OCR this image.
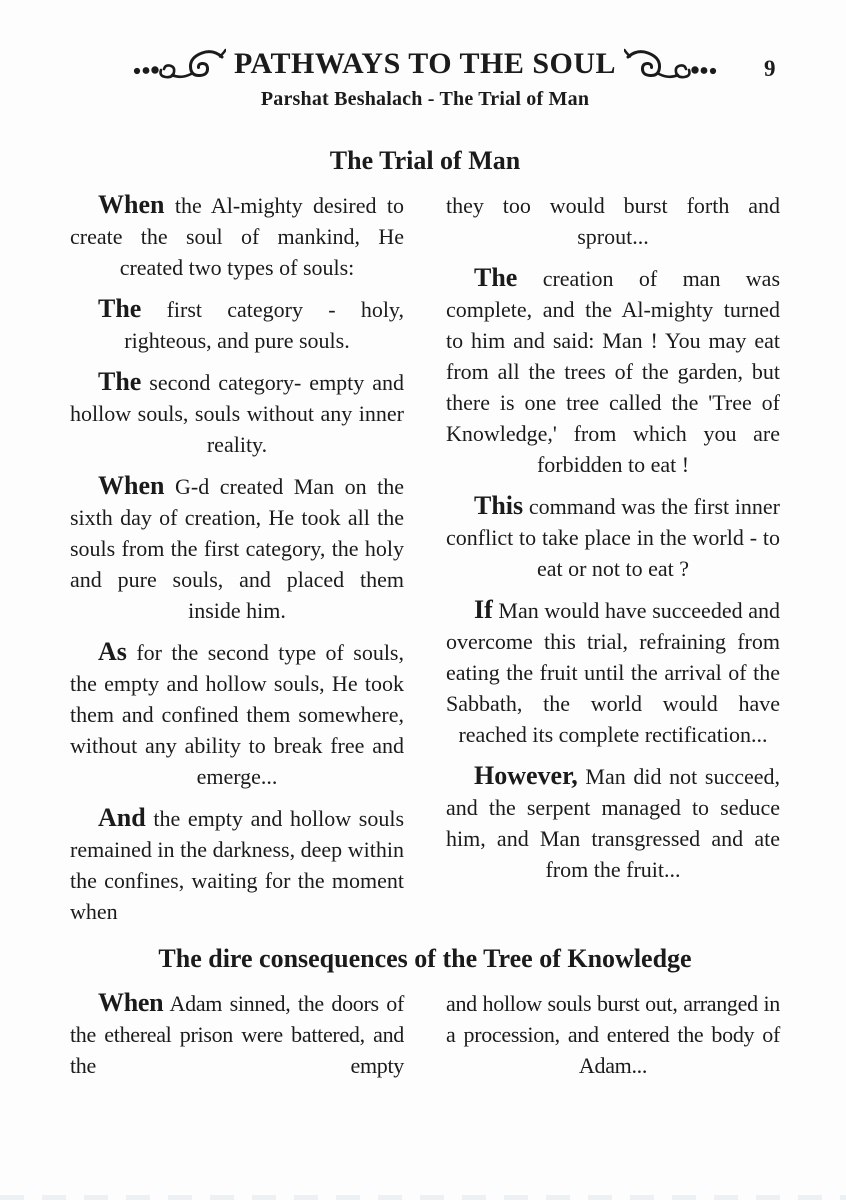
PATHWAYS TO THE SOUL
Parshat Beshalach - The Trial of Man
9
The Trial of Man

When the Al-mighty desired to create the soul of mankind, He created two types of souls:

The first category - holy, righteous, and pure souls.

The second category- empty and hollow souls, souls without any inner reality.

When G-d created Man on the sixth day of creation, He took all the souls from the first category, the holy and pure souls, and placed them inside him.

As for the second type of souls, the empty and hollow souls, He took them and confined them somewhere, without any ability to break free and emerge...

And the empty and hollow souls remained in the darkness, deep within the confines, waiting for the moment when

they too would burst forth and sprout...

The creation of man was complete, and the Al-mighty turned to him and said: Man ! You may eat from all the trees of the garden, but there is one tree called the 'Tree of Knowledge,' from which you are forbidden to eat !

This command was the first inner conflict to take place in the world - to eat or not to eat ?

If Man would have succeeded and overcome this trial, refraining from eating the fruit until the arrival of the Sabbath, the world would have reached its complete rectification...

However, Man did not succeed, and the serpent managed to seduce him, and Man transgressed and ate from the fruit...

The dire consequences of the Tree of Knowledge

When Adam sinned, the doors of the ethereal prison were battered, and the empty

and hollow souls burst out, arranged in a procession, and entered the body of Adam...
